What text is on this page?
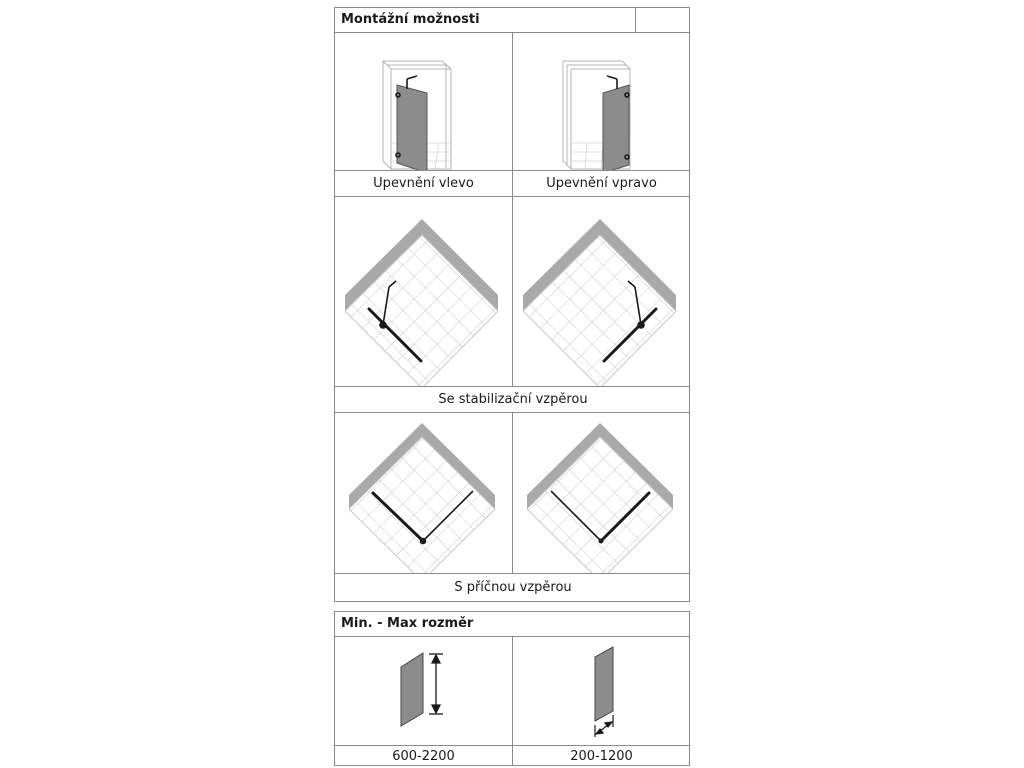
Montážní možnosti
Upevnění vlevo	Upevnění vpravo
Se stabilizační vzpěrou
S příčnou vzpěrou
Min. - Max rozměr
600-2200	200-1200
